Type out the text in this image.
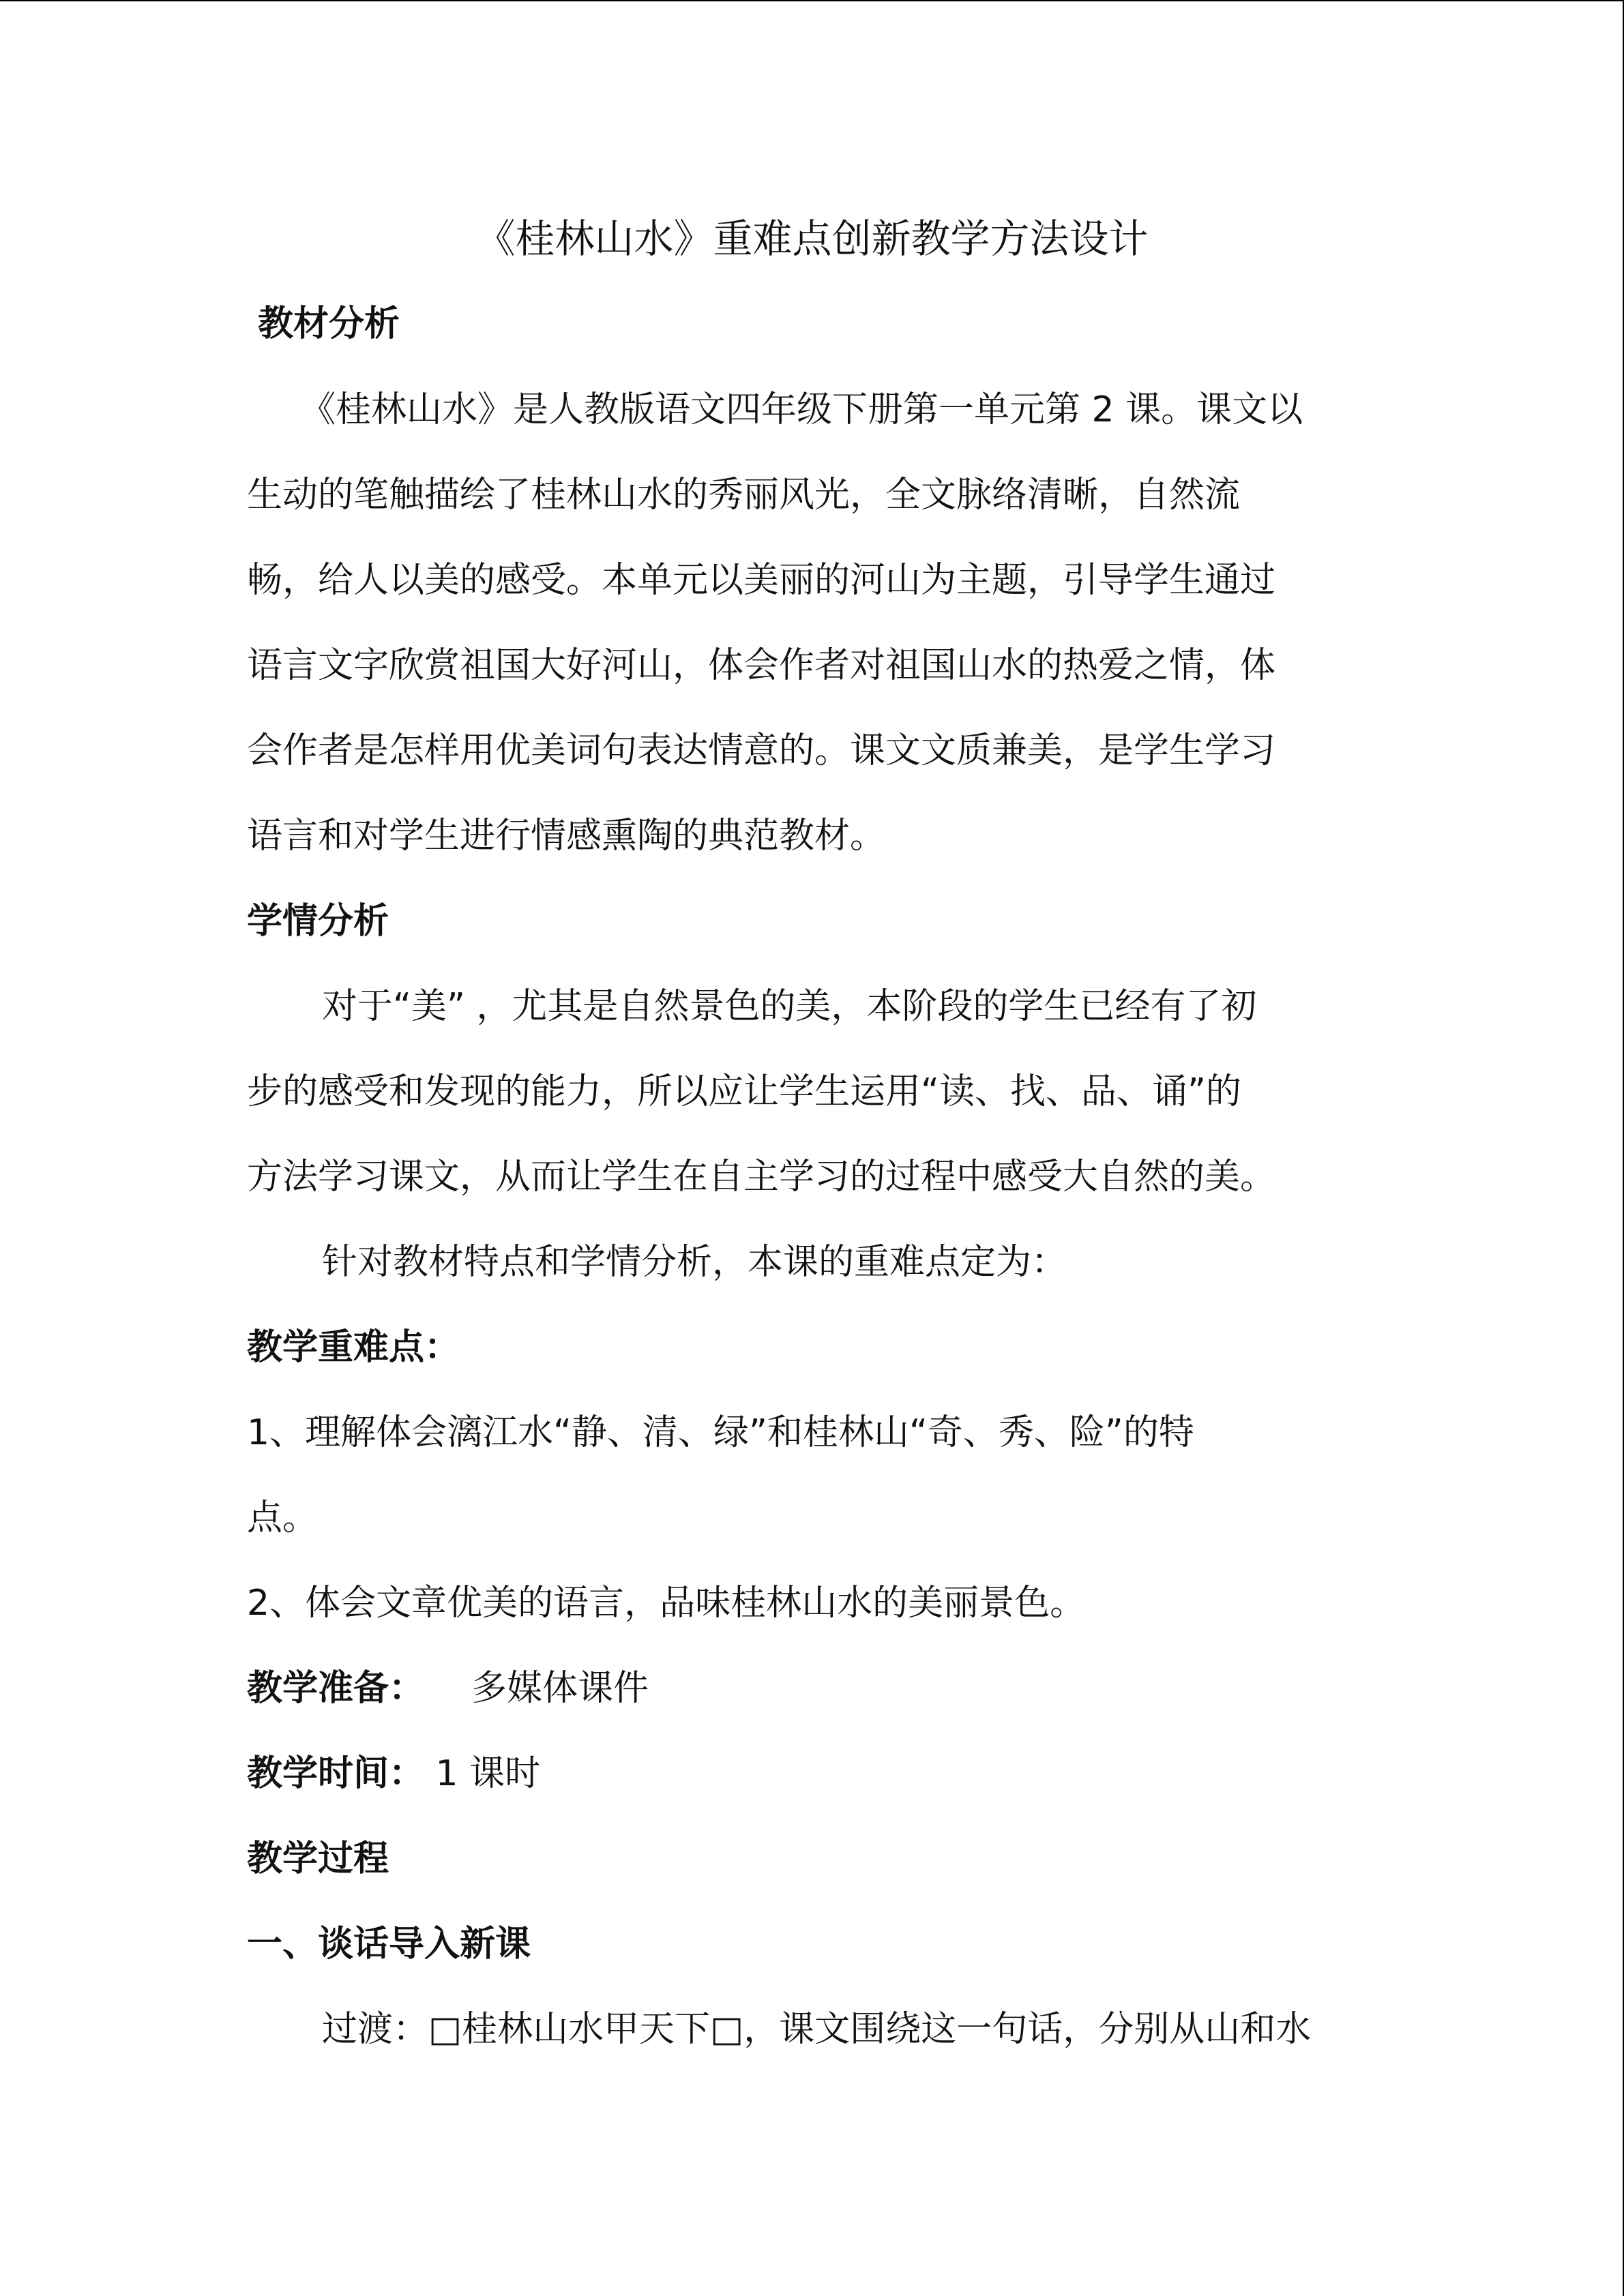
《桂林山水》重难点创新教学方法设计
教材分析
《桂林山水》是人教版语文四年级下册第一单元第 2 课。课文以
生动的笔触描绘了桂林山水的秀丽风光，全文脉络清晰，自然流
畅，给人以美的感受。本单元以美丽的河山为主题，引导学生通过
语言文字欣赏祖国大好河山，体会作者对祖国山水的热爱之情，体
会作者是怎样用优美词句表达情意的。课文文质兼美，是学生学习
语言和对学生进行情感熏陶的典范教材。
学情分析
对于“美” ，尤其是自然景色的美，本阶段的学生已经有了初
步的感受和发现的能力，所以应让学生运用“读、找、品、诵”的
方法学习课文，从而让学生在自主学习的过程中感受大自然的美。
针对教材特点和学情分析，本课的重难点定为：
教学重难点：
1、理解体会漓江水“静、清、绿”和桂林山“奇、秀、险”的特
点。
2、体会文章优美的语言，品味桂林山水的美丽景色。
教学准备： 多媒体课件
教学时间： 1 课时
教学过程
一、谈话导入新课
过渡：□桂林山水甲天下□，课文围绕这一句话，分别从山和水
